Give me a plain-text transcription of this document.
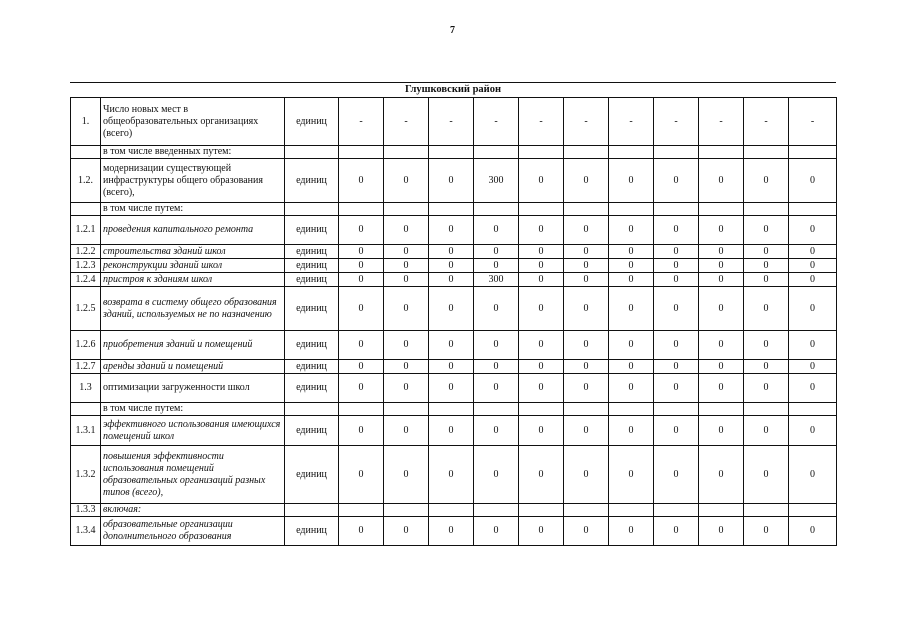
7
Глушковский район
1.	Число новых мест в общеобразовательных организациях (всего)	единиц	-	-	-	-	-	-	-	-	-	-	-
	в том числе введенных путем:												
1.2.	модернизации существующей инфраструктуры общего образования (всего),	единиц	0	0	0	300	0	0	0	0	0	0	0
	в том числе путем:												
1.2.1	проведения капитального ремонта	единиц	0	0	0	0	0	0	0	0	0	0	0
1.2.2	строительства зданий школ	единиц	0	0	0	0	0	0	0	0	0	0	0
1.2.3	реконструкции зданий школ	единиц	0	0	0	0	0	0	0	0	0	0	0
1.2.4	пристроя к зданиям школ	единиц	0	0	0	300	0	0	0	0	0	0	0
1.2.5	возврата в систему общего образования зданий, используемых не по назначению	единиц	0	0	0	0	0	0	0	0	0	0	0
1.2.6	приобретения зданий и помещений	единиц	0	0	0	0	0	0	0	0	0	0	0
1.2.7	аренды зданий и помещений	единиц	0	0	0	0	0	0	0	0	0	0	0
1.3	оптимизации загруженности школ	единиц	0	0	0	0	0	0	0	0	0	0	0
	в том числе путем:												
1.3.1	эффективного использования имеющихся помещений школ	единиц	0	0	0	0	0	0	0	0	0	0	0
1.3.2	повышения эффективности использования помещений образовательных организаций разных типов (всего),	единиц	0	0	0	0	0	0	0	0	0	0	0
1.3.3	включая:												
1.3.4	образовательные организации дополнительного образования	единиц	0	0	0	0	0	0	0	0	0	0	0
